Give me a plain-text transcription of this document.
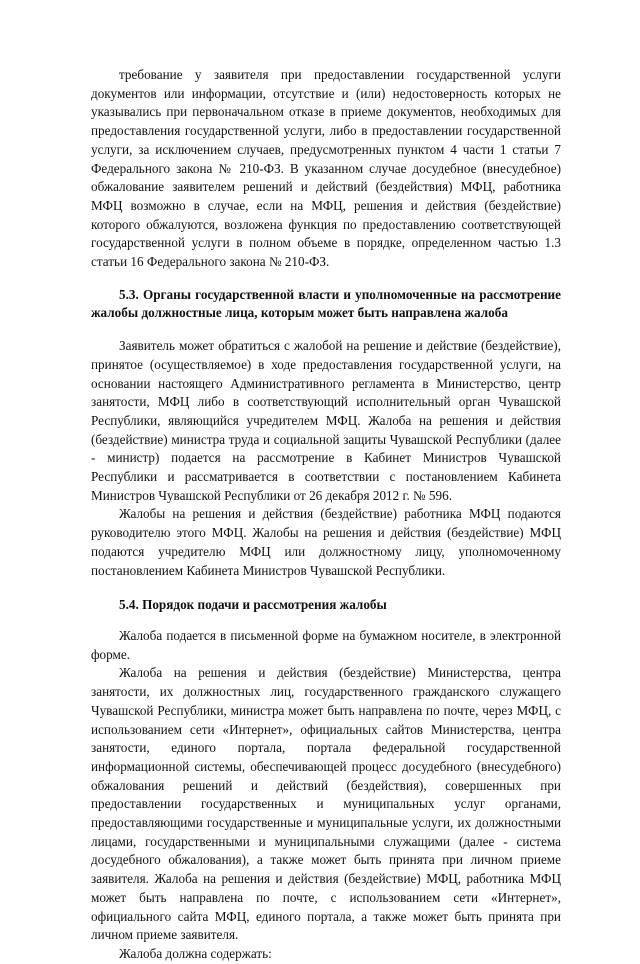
требование у заявителя при предоставлении государственной услуги документов или информации, отсутствие и (или) недостоверность которых не указывались при первоначальном отказе в приеме документов, необходимых для предоставления государственной услуги, либо в предоставлении государственной услуги, за исключением случаев, предусмотренных пунктом 4 части 1 статьи 7 Федерального закона № 210-ФЗ. В указанном случае досудебное (внесудебное) обжалование заявителем решений и действий (бездействия) МФЦ, работника МФЦ возможно в случае, если на МФЦ, решения и действия (бездействие) которого обжалуются, возложена функция по предоставлению соответствующей государственной услуги в полном объеме в порядке, определенном частью 1.3 статьи 16 Федерального закона № 210-ФЗ.

5.3. Органы государственной власти и уполномоченные на рассмотрение жалобы должностные лица, которым может быть направлена жалоба

Заявитель может обратиться с жалобой на решение и действие (бездействие), принятое (осуществляемое) в ходе предоставления государственной услуги, на основании настоящего Административного регламента в Министерство, центр занятости, МФЦ либо в соответствующий исполнительный орган Чувашской Республики, являющийся учредителем МФЦ. Жалоба на решения и действия (бездействие) министра труда и социальной защиты Чувашской Республики (далее - министр) подается на рассмотрение в Кабинет Министров Чувашской Республики и рассматривается в соответствии с постановлением Кабинета Министров Чувашской Республики от 26 декабря 2012 г. № 596.

Жалобы на решения и действия (бездействие) работника МФЦ подаются руководителю этого МФЦ. Жалобы на решения и действия (бездействие) МФЦ подаются учредителю МФЦ или должностному лицу, уполномоченному постановлением Кабинета Министров Чувашской Республики.

5.4. Порядок подачи и рассмотрения жалобы

Жалоба подается в письменной форме на бумажном носителе, в электронной форме.

Жалоба на решения и действия (бездействие) Министерства, центра занятости, их должностных лиц, государственного гражданского служащего Чувашской Республики, министра может быть направлена по почте, через МФЦ, с использованием сети «Интернет», официальных сайтов Министерства, центра занятости, единого портала, портала федеральной государственной информационной системы, обеспечивающей процесс досудебного (внесудебного) обжалования решений и действий (бездействия), совершенных при предоставлении государственных и муниципальных услуг органами, предоставляющими государственные и муниципальные услуги, их должностными лицами, государственными и муниципальными служащими (далее - система досудебного обжалования), а также может быть принята при личном приеме заявителя. Жалоба на решения и действия (бездействие) МФЦ, работника МФЦ может быть направлена по почте, с использованием сети «Интернет», официального сайта МФЦ, единого портала, а также может быть принята при личном приеме заявителя.

Жалоба должна содержать:
